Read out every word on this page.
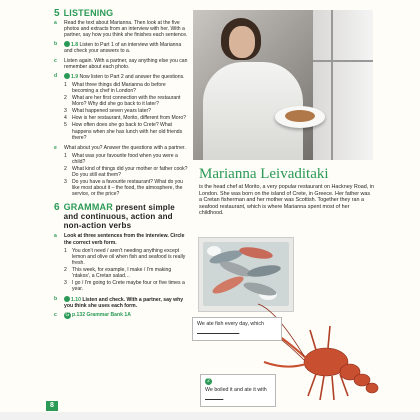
5 LISTENING
a	Read the text about Marianna. Then look at the five photos and extracts from an interview with her. With a partner, say how you think she finishes each sentence.
b	1.8 Listen to Part 1 of an interview with Marianna and check your answers to a.
c	Listen again. With a partner, say anything else you can remember about each photo.
d	1.9 Now listen to Part 2 and answer the questions.
1	What three things did Marianna do before becoming a chef in London?
2	What are her first connection with the restaurant Moro? Why did she go back to it later?
3	What happened seven years later?
4	How is her restaurant, Morito, different from Moro?
5	How often does she go back to Crete? What happens when she has lunch with her old friends there?
e	What about you? Answer the questions with a partner.
1	What was your favourite food when you were a child?
2	What kind of things did your mother or father cook? Do you still eat them?
3	Do you have a favourite restaurant? What do you like most about it – the food, the atmosphere, the service, or the price?
6 GRAMMAR present simple and continuous, action and non-action verbs
a	Look at three sentences from the interview. Circle the correct verb form.
1	You don't need / aren't needing anything except lemon and olive oil when fish and seafood is really fresh.
2	This week, for example, I make / I'm making 'ntakos', a Cretan salad…
3	I go / I'm going to Crete maybe four or five times a year.
b	1.10 Listen and check. With a partner, say why you think she uses each form.
c	G p.132 Grammar Bank 1A
8
Marianna Leivaditaki
is the head chef at Morito, a very popular restaurant on Hackney Road, in London. She was born on the island of Crete, in Greece. Her father was a Cretan fisherman and her mother was Scottish. Together they ran a seafood restaurant, which is where Marianna spent most of her childhood.
We ate fish every day, which .
2
We boiled it and ate it with .
